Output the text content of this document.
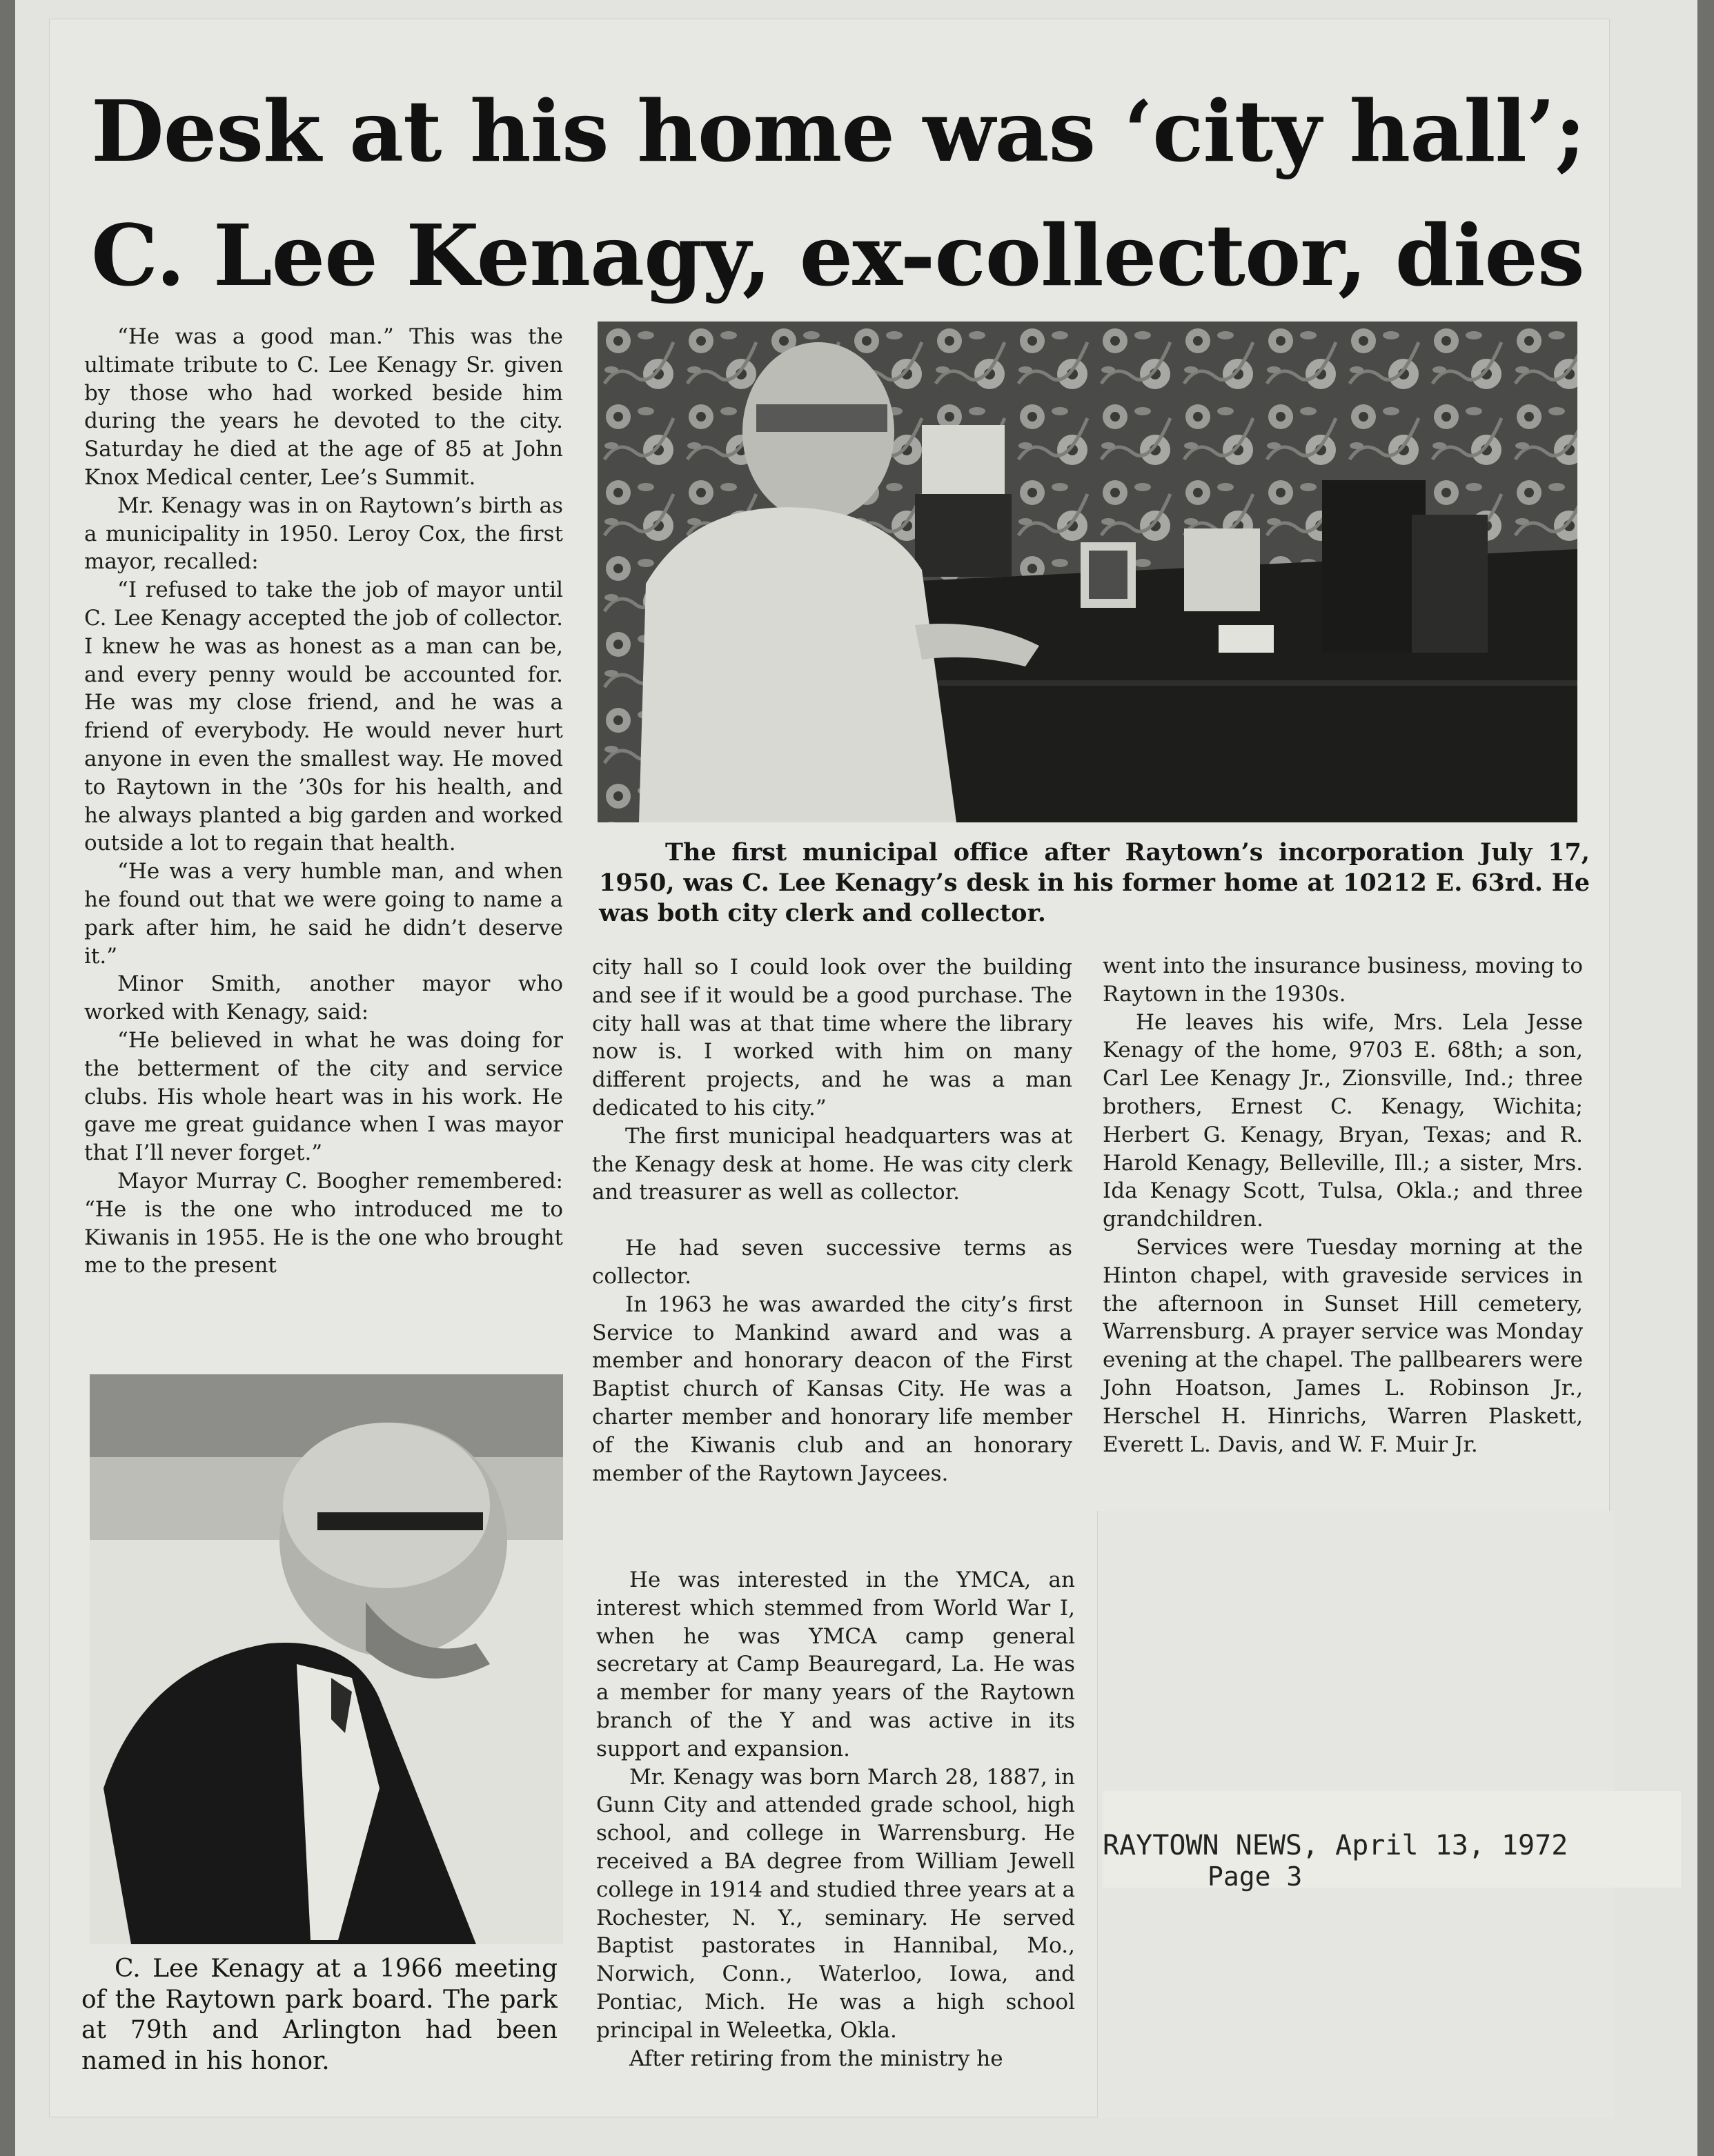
Desk at his home was ‘city hall’;
C. Lee Kenagy, ex-collector, dies

“He was a good man.” This was the ultimate tribute to C. Lee Kenagy Sr. given by those who had worked beside him during the years he devoted to the city. Saturday he died at the age of 85 at John Knox Medical center, Lee’s Summit.

Mr. Kenagy was in on Raytown’s birth as a municipality in 1950. Leroy Cox, the first mayor, recalled:

“I refused to take the job of mayor until C. Lee Kenagy accepted the job of collector. I knew he was as honest as a man can be, and every penny would be accounted for. He was my close friend, and he was a friend of everybody. He would never hurt anyone in even the smallest way. He moved to Raytown in the ’30s for his health, and he always planted a big garden and worked outside a lot to regain that health.

“He was a very humble man, and when he found out that we were going to name a park after him, he said he didn’t deserve it.”

Minor Smith, another mayor who worked with Kenagy, said:

“He believed in what he was doing for the betterment of the city and service clubs. His whole heart was in his work. He gave me great guidance when I was mayor that I’ll never forget.”

Mayor Murray C. Boogher remembered: “He is the one who introduced me to Kiwanis in 1955. He is the one who brought me to the present

The first municipal office after Raytown’s incorporation July 17, 1950, was C. Lee Kenagy’s desk in his former home at 10212 E. 63rd. He was both city clerk and collector.

city hall so I could look over the building and see if it would be a good purchase. The city hall was at that time where the library now is. I worked with him on many different projects, and he was a man dedicated to his city.”

The first municipal headquarters was at the Kenagy desk at home. He was city clerk and treasurer as well as collector.

He had seven successive terms as collector.

In 1963 he was awarded the city’s first Service to Mankind award and was a member and honorary deacon of the First Baptist church of Kansas City. He was a charter member and honorary life member of the Kiwanis club and an honorary member of the Raytown Jaycees.

He was interested in the YMCA, an interest which stemmed from World War I, when he was YMCA camp general secretary at Camp Beauregard, La. He was a member for many years of the Raytown branch of the Y and was active in its support and expansion.

Mr. Kenagy was born March 28, 1887, in Gunn City and attended grade school, high school, and college in Warrensburg. He received a BA degree from William Jewell college in 1914 and studied three years at a Rochester, N. Y., seminary. He served Baptist pastorates in Hannibal, Mo., Norwich, Conn., Waterloo, Iowa, and Pontiac, Mich. He was a high school principal in Weleetka, Okla.

After retiring from the ministry he

went into the insurance business, moving to Raytown in the 1930s.

He leaves his wife, Mrs. Lela Jesse Kenagy of the home, 9703 E. 68th; a son, Carl Lee Kenagy Jr., Zionsville, Ind.; three brothers, Ernest C. Kenagy, Wichita; Herbert G. Kenagy, Bryan, Texas; and R. Harold Kenagy, Belleville, Ill.; a sister, Mrs. Ida Kenagy Scott, Tulsa, Okla.; and three grandchildren.

Services were Tuesday morning at the Hinton chapel, with graveside services in the afternoon in Sunset Hill cemetery, Warrensburg. A prayer service was Monday evening at the chapel. The pallbearers were John Hoatson, James L. Robinson Jr., Herschel H. Hinrichs, Warren Plaskett, Everett L. Davis, and W. F. Muir Jr.

C. Lee Kenagy at a 1966 meeting of the Raytown park board. The park at 79th and Arlington had been named in his honor.

RAYTOWN NEWS, April 13, 1972
Page 3
